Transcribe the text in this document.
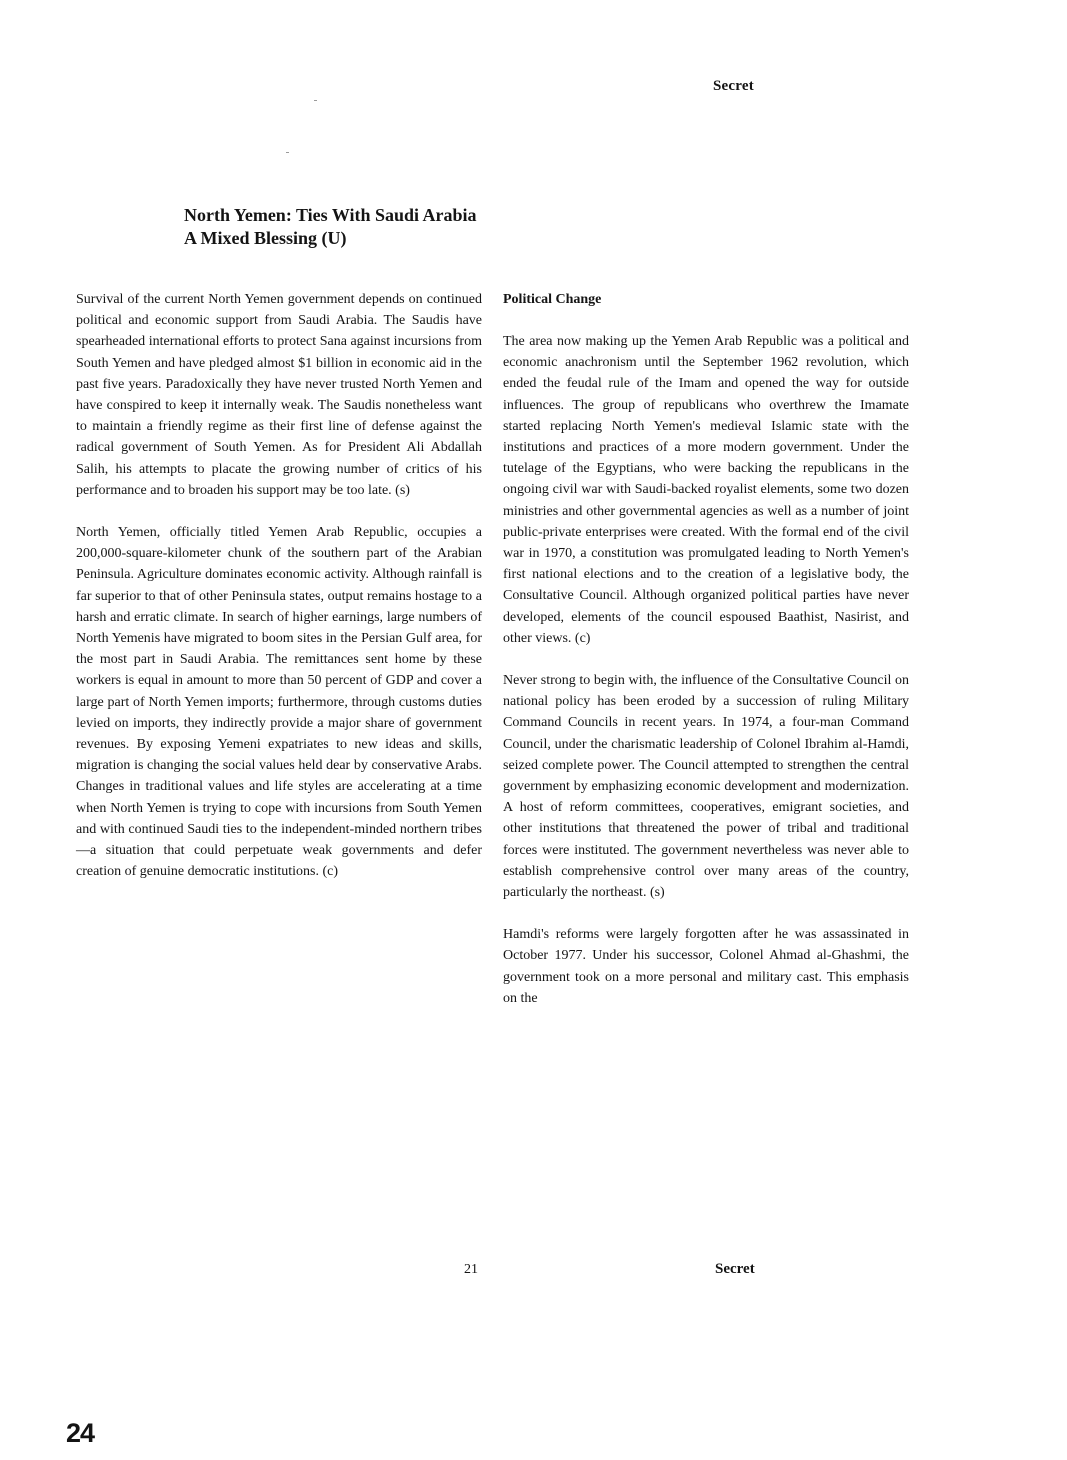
Secret
North Yemen: Ties With Saudi Arabia
A Mixed Blessing (U)

Survival of the current North Yemen government depends on continued political and economic support from Saudi Arabia. The Saudis have spearheaded international efforts to protect Sana against incursions from South Yemen and have pledged almost $1 billion in economic aid in the past five years. Paradoxically they have never trusted North Yemen and have conspired to keep it internally weak. The Saudis nonetheless want to maintain a friendly regime as their first line of defense against the radical government of South Yemen. As for President Ali Abdallah Salih, his attempts to placate the growing number of critics of his performance and to broaden his support may be too late. (s)

North Yemen, officially titled Yemen Arab Republic, occupies a 200,000-square-kilometer chunk of the southern part of the Arabian Peninsula. Agriculture dominates economic activity. Although rainfall is far superior to that of other Peninsula states, output remains hostage to a harsh and erratic climate. In search of higher earnings, large numbers of North Yemenis have migrated to boom sites in the Persian Gulf area, for the most part in Saudi Arabia. The remittances sent home by these workers is equal in amount to more than 50 percent of GDP and cover a large part of North Yemen imports; furthermore, through customs duties levied on imports, they indirectly provide a major share of government revenues. By exposing Yemeni expatriates to new ideas and skills, migration is changing the social values held dear by conservative Arabs. Changes in traditional values and life styles are accelerating at a time when North Yemen is trying to cope with incursions from South Yemen and with continued Saudi ties to the independent-minded northern tribes—a situation that could perpetuate weak governments and defer creation of genuine democratic institutions. (c)

Political Change

The area now making up the Yemen Arab Republic was a political and economic anachronism until the September 1962 revolution, which ended the feudal rule of the Imam and opened the way for outside influences. The group of republicans who overthrew the Imamate started replacing North Yemen's medieval Islamic state with the institutions and practices of a more modern government. Under the tutelage of the Egyptians, who were backing the republicans in the ongoing civil war with Saudi-backed royalist elements, some two dozen ministries and other governmental agencies as well as a number of joint public-private enterprises were created. With the formal end of the civil war in 1970, a constitution was promulgated leading to North Yemen's first national elections and to the creation of a legislative body, the Consultative Council. Although organized political parties have never developed, elements of the council espoused Baathist, Nasirist, and other views. (c)

Never strong to begin with, the influence of the Consultative Council on national policy has been eroded by a succession of ruling Military Command Councils in recent years. In 1974, a four-man Command Council, under the charismatic leadership of Colonel Ibrahim al-Hamdi, seized complete power. The Council attempted to strengthen the central government by emphasizing economic development and modernization. A host of reform committees, cooperatives, emigrant societies, and other institutions that threatened the power of tribal and traditional forces were instituted. The government nevertheless was never able to establish comprehensive control over many areas of the country, particularly the northeast. (s)

Hamdi's reforms were largely forgotten after he was assassinated in October 1977. Under his successor, Colonel Ahmad al-Ghashmi, the government took on a more personal and military cast. This emphasis on the

21	Secret
24
